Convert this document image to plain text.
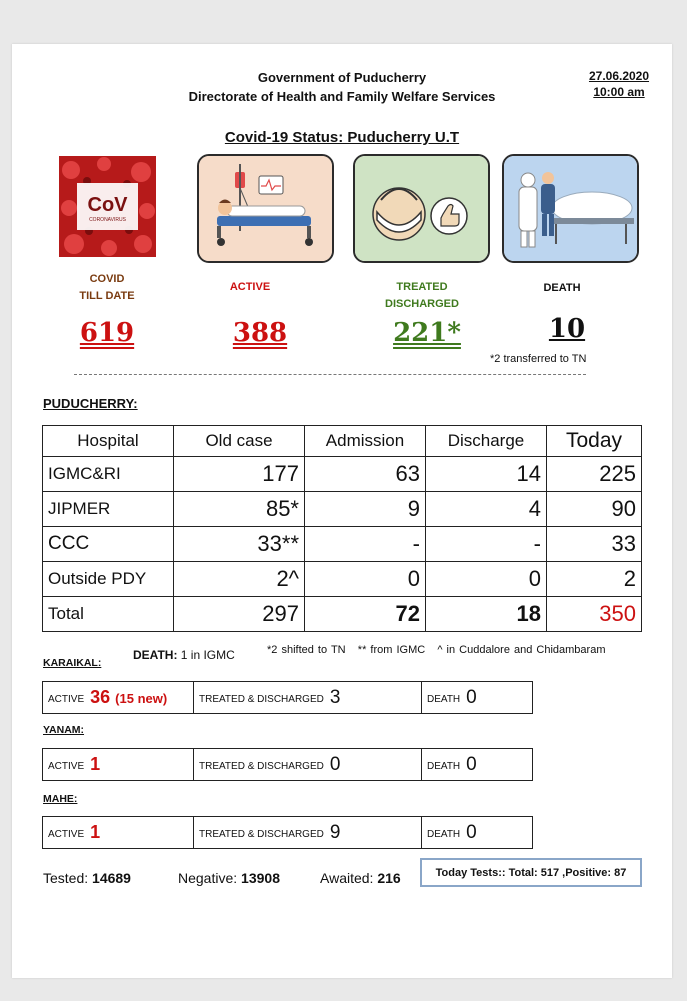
Government of Puducherry
Directorate of Health and Family Welfare Services
27.06.2020
10:00 am
Covid-19 Status: Puducherry U.T
CoV
CORONAVIRUS
COVID
TILL DATE
ACTIVE	TREATED
DISCHARGED
DEATH
619	388	221*	10
*2 transferred to TN
PUDUCHERRY:
Hospital	Old case	Admission	Discharge	Today
IGMC&RI	177	63	14	225
JIPMER	85*	9	4	90
CCC	33**	-	-	33
Outside PDY	2^	0	0	2
Total	297	72	18	350
DEATH: 1 in IGMC	*2 shifted to TN   ** from IGMC   ^ in Cuddalore and Chidambaram
KARAIKAL:
ACTIVE 36 (15 new)	TREATED & DISCHARGED 3	DEATH 0
YANAM:
ACTIVE 1	TREATED & DISCHARGED 0	DEATH 0
MAHE:
ACTIVE 1	TREATED & DISCHARGED 9	DEATH 0
Tested: 14689	Negative: 13908	Awaited: 216	Today Tests:: Total: 517 ,Positive: 87
